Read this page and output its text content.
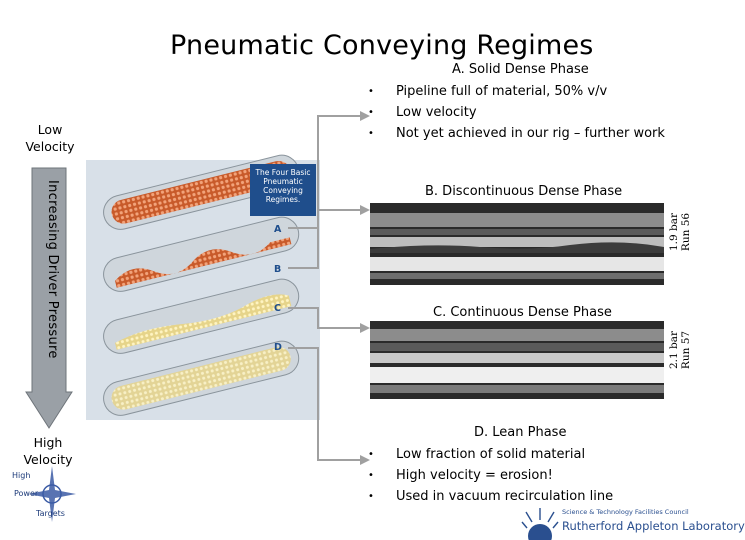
Pneumatic Conveying Regimes
Low
Velocity
Increasing Driver Pressure
High
Velocity
High
Power
Targets
The Four Basic
Pneumatic
Conveying
Regimes.
A
B
C
D
A. Solid Dense Phase
• Pipeline full of material, 50% v/v
• Low velocity
• Not yet achieved in our rig – further work
B. Discontinuous Dense Phase
1.9 bar
Run 56
C. Continuous Dense Phase
2.1 bar
Run 57
D. Lean Phase
• Low fraction of solid material
• High velocity = erosion!
• Used in vacuum recirculation line
Science & Technology Facilities Council
Rutherford Appleton Laboratory
